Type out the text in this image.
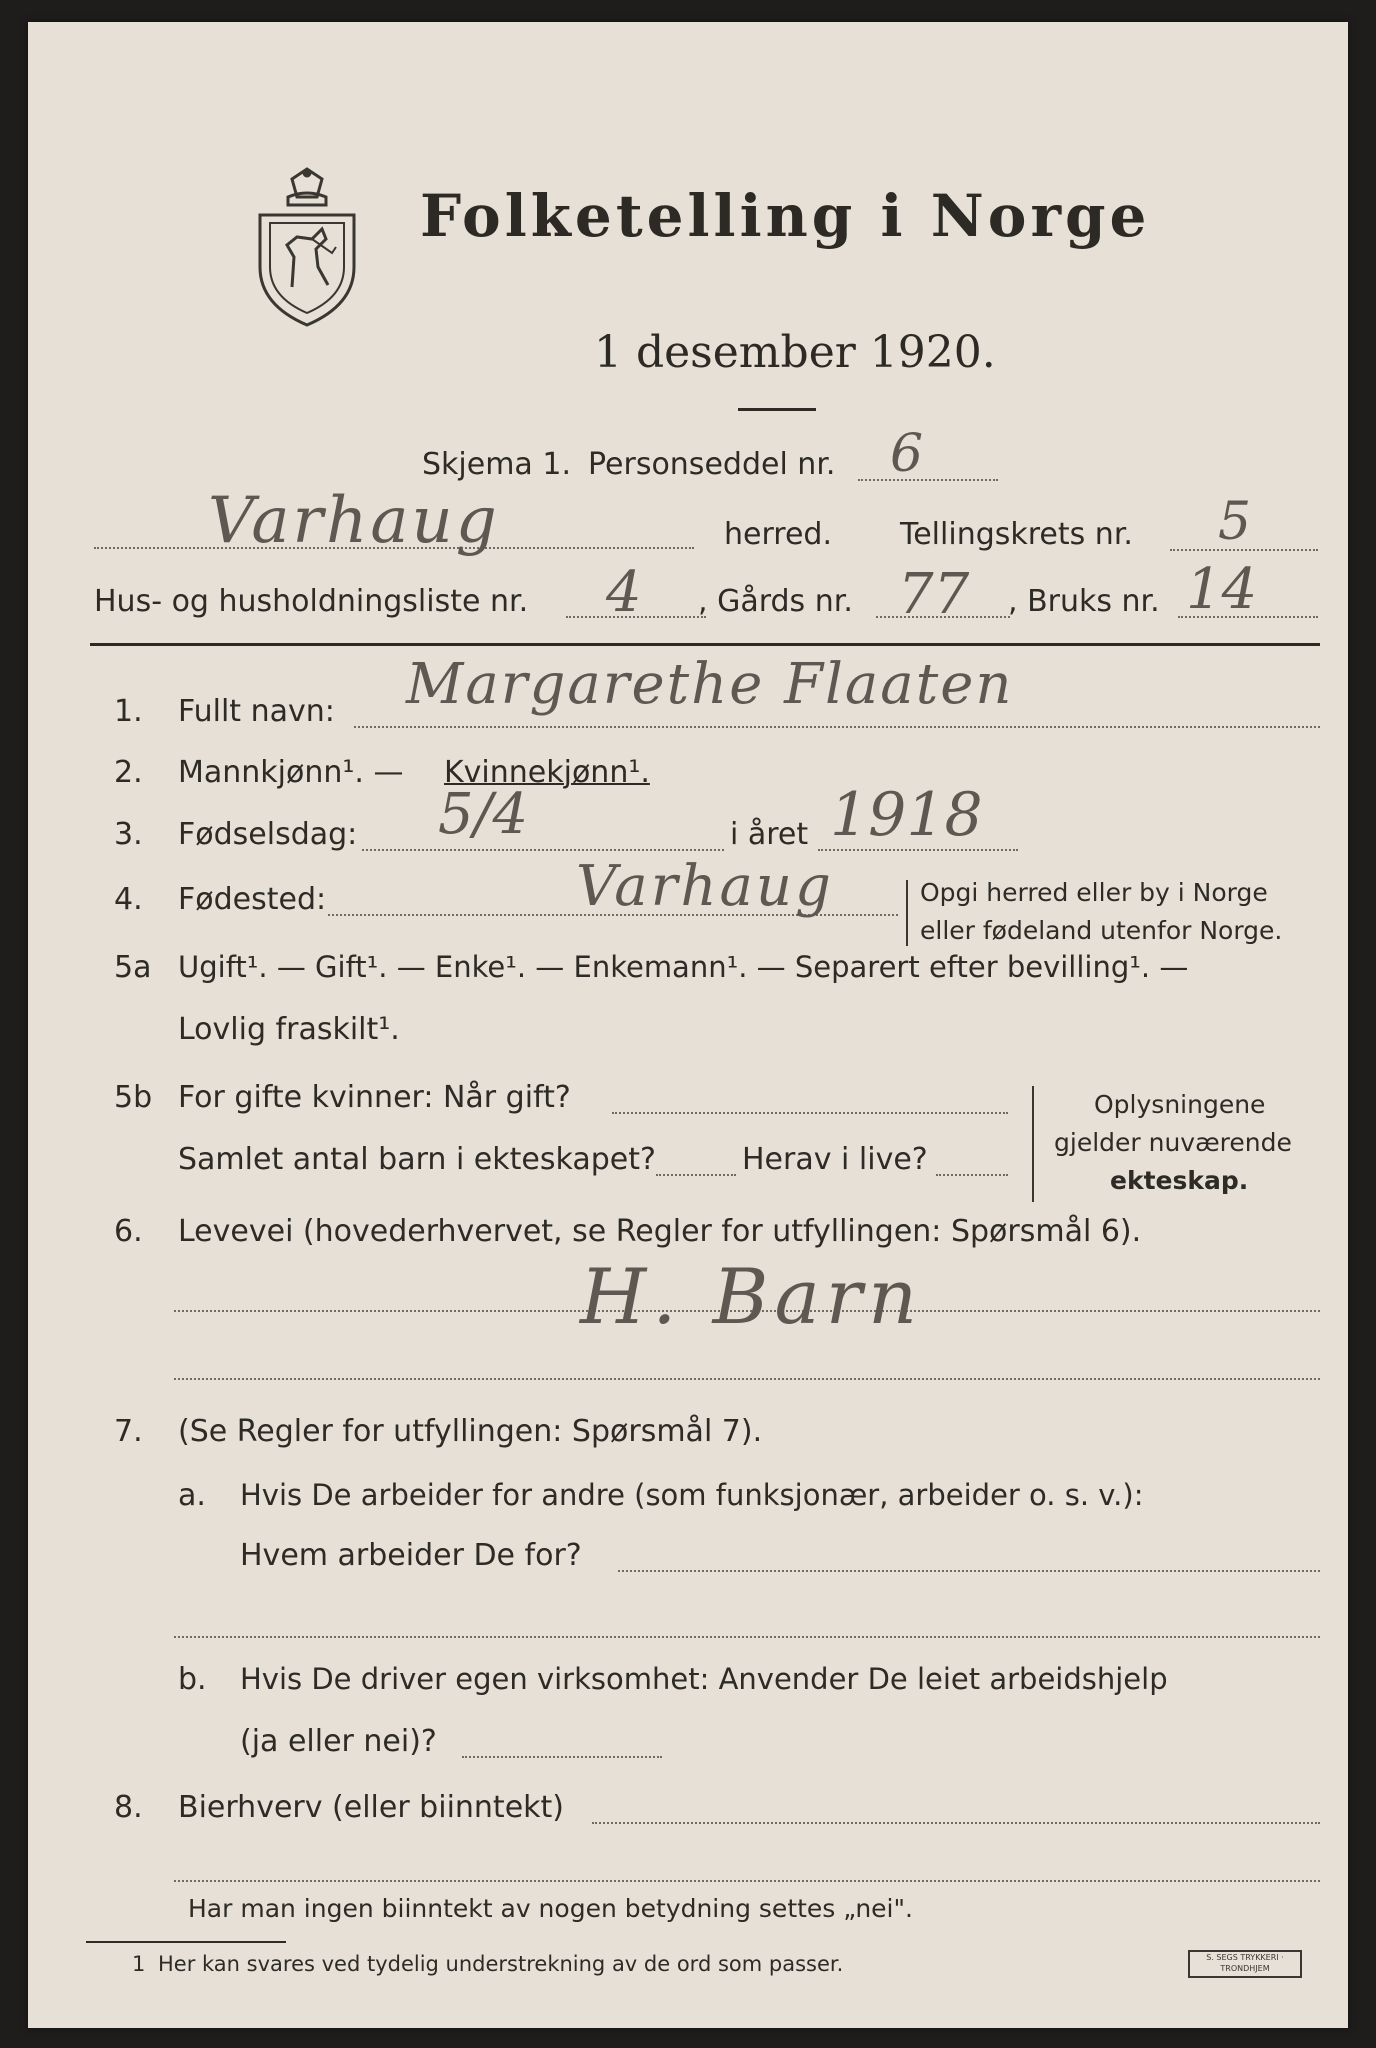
Folketelling i Norge
1 desember 1920.
Skjema 1. Personseddel nr. 6
Varhaug	herred. Tellingskrets nr. 5
Hus- og husholdningsliste nr. 4 , Gårds nr. 77 , Bruks nr. 14
1. Fullt navn: Margarethe Flaaten
2. Mannkjønn¹. — Kvinnekjønn¹.
3. Fødselsdag: 5/4	i året 1918
4. Fødested:	Varhaug	Opgi herred eller by i Norge
eller fødeland utenfor Norge.
5a Ugift¹. — Gift¹. — Enke¹. — Enkemann¹. — Separert efter bevilling¹. —
Lovlig fraskilt¹.
5b For gifte kvinner: Når gift?
Samlet antal barn i ekteskapet?	Herav i live?
Oplysningene
gjelder nuværende
ekteskap.
6. Levevei (hovederhvervet, se Regler for utfyllingen: Spørsmål 6).
H. Barn
7. (Se Regler for utfyllingen: Spørsmål 7).
a. Hvis De arbeider for andre (som funksjonær, arbeider o. s. v.):
Hvem arbeider De for?
b. Hvis De driver egen virksomhet: Anvender De leiet arbeidshjelp
(ja eller nei)?
8. Bierhverv (eller biinntekt)
Har man ingen biinntekt av nogen betydning settes „nei".
1 Her kan svares ved tydelig understrekning av de ord som passer.	S. SEGS TRYKKERI · TRONDHJEM
